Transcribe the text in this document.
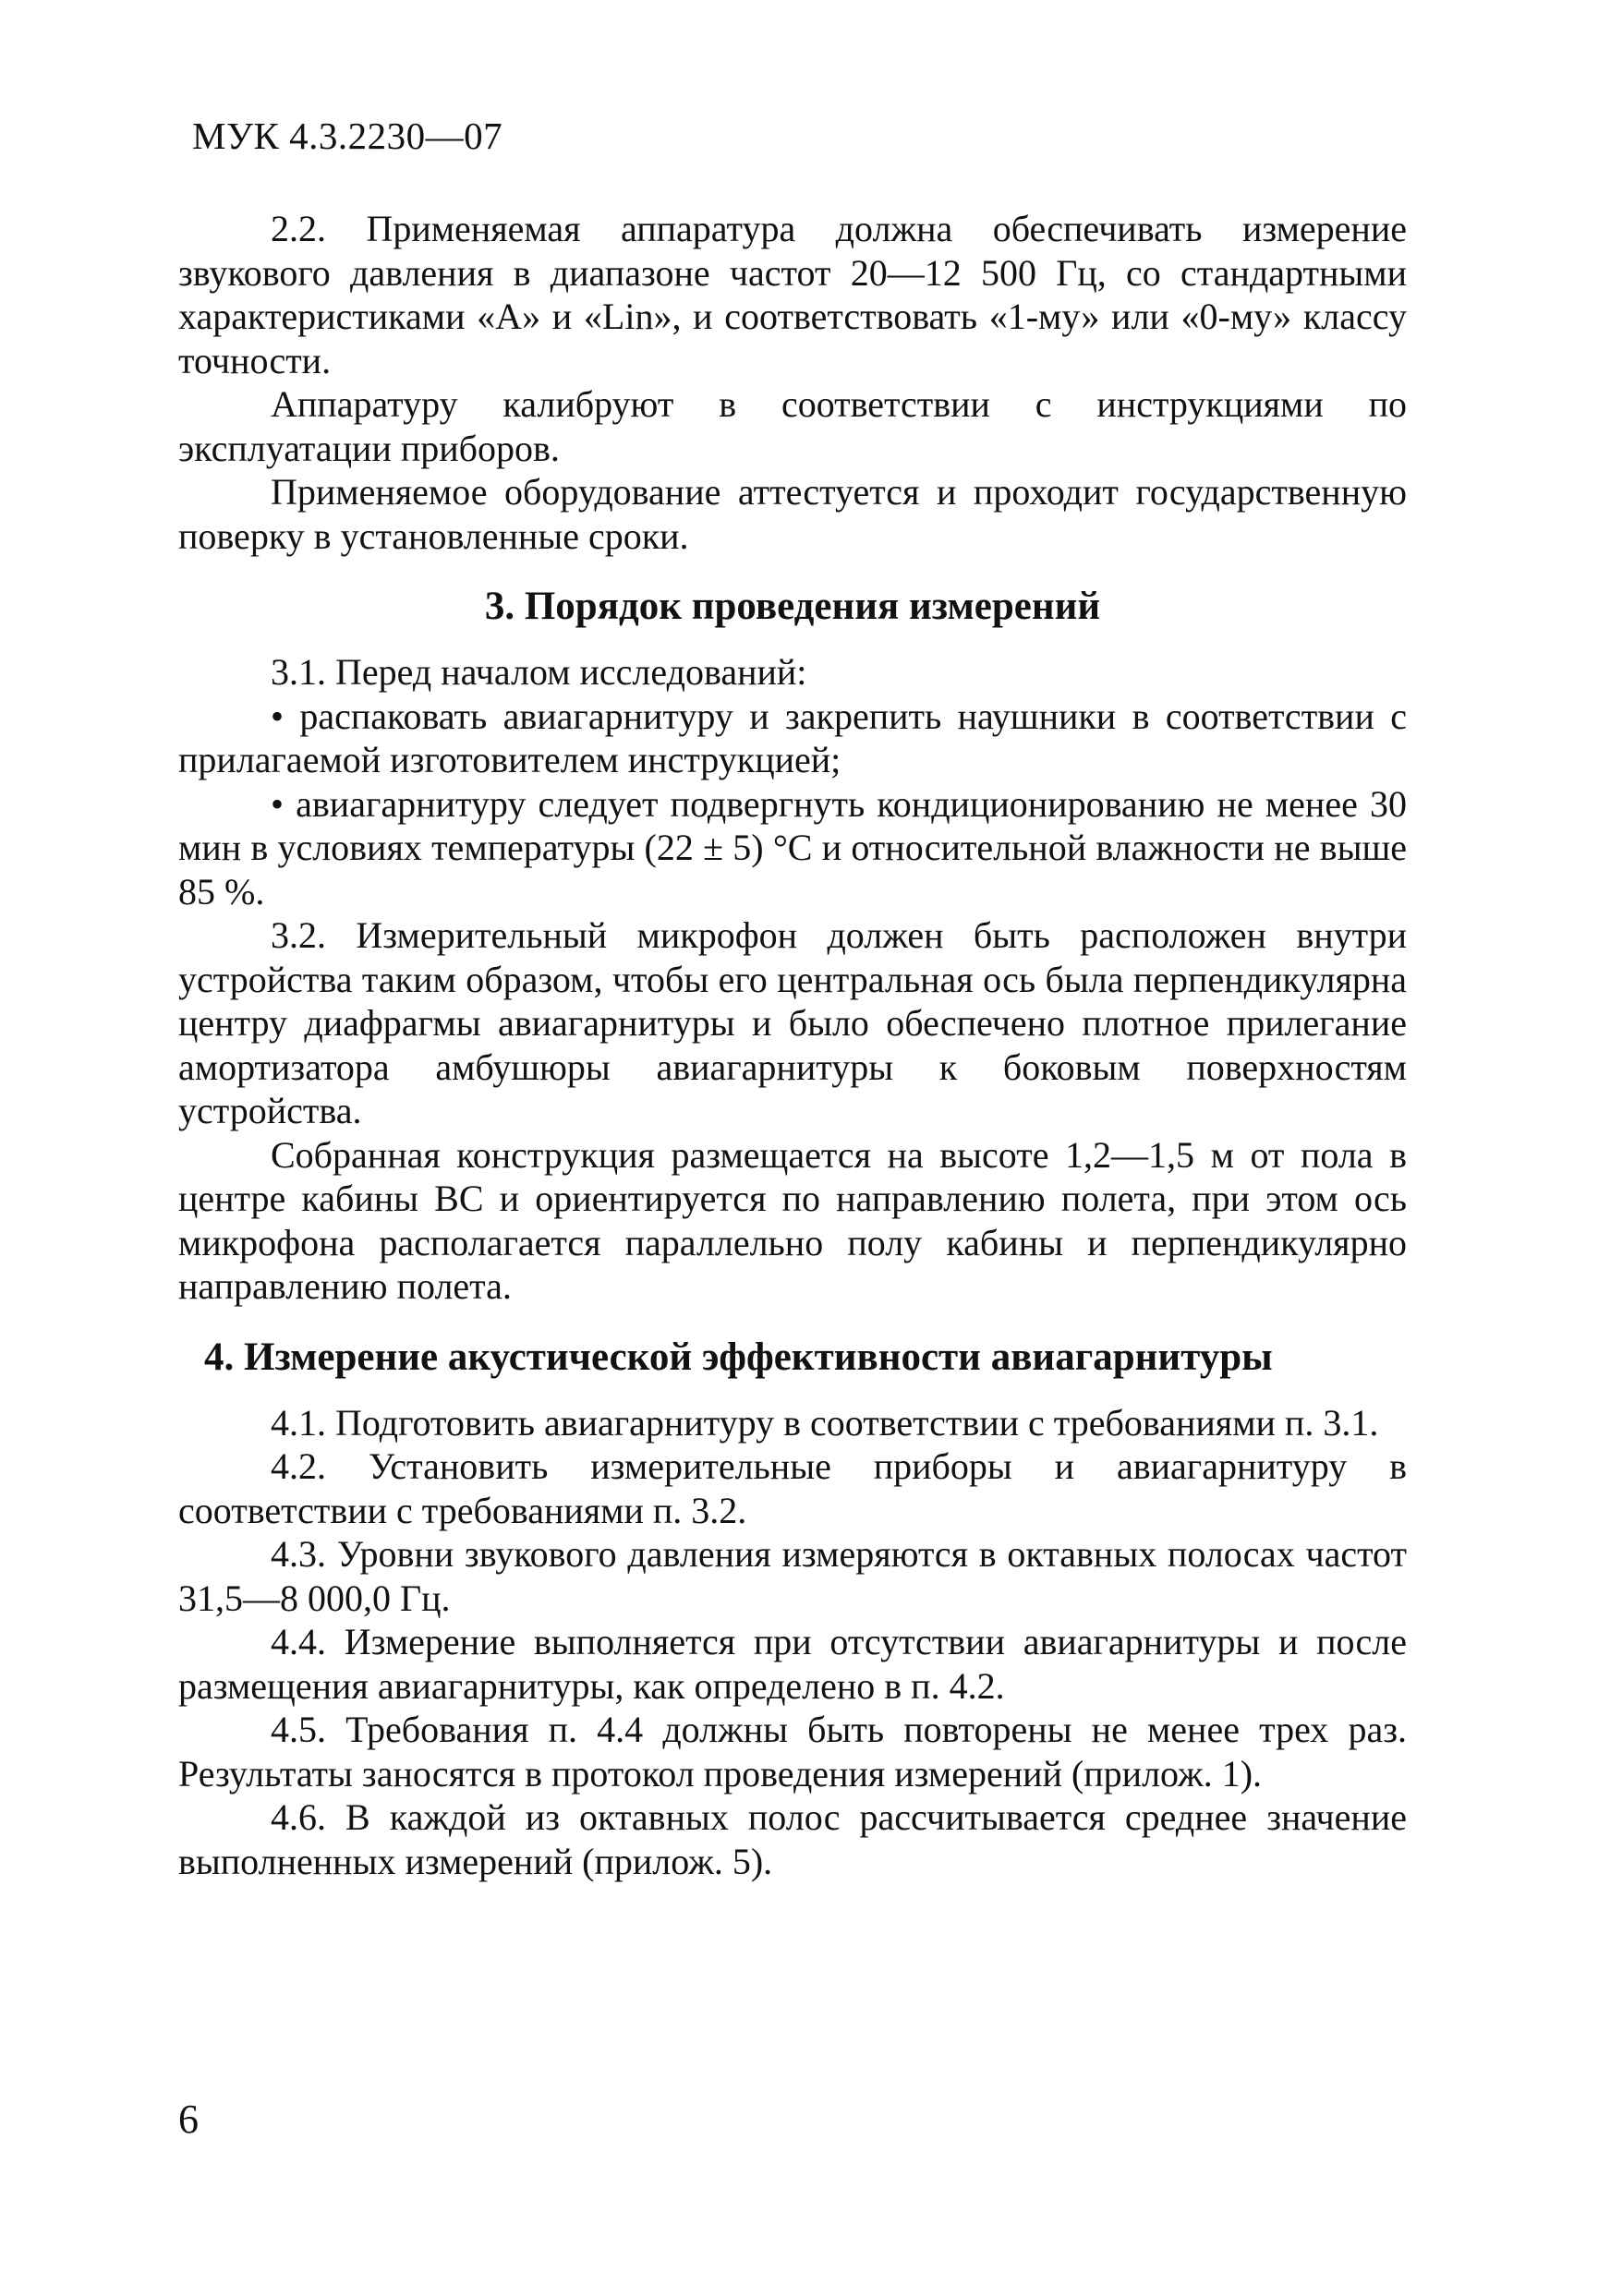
МУК 4.3.2230—07

2.2. Применяемая аппаратура должна обеспечивать измерение звукового давления в диапазоне частот 20—12 500 Гц, со стандартными характеристиками «А» и «Lin», и соответствовать «1-му» или «0-му» классу точности.

Аппаратуру калибруют в соответствии с инструкциями по эксплуатации приборов.

Применяемое оборудование аттестуется и проходит государственную поверку в установленные сроки.

3. Порядок проведения измерений

3.1. Перед началом исследований:

• распаковать авиагарнитуру и закрепить наушники в соответствии с прилагаемой изготовителем инструкцией;

• авиагарнитуру следует подвергнуть кондиционированию не менее 30 мин в условиях температуры (22 ± 5) °С и относительной влажности не выше 85 %.

3.2. Измерительный микрофон должен быть расположен внутри устройства таким образом, чтобы его центральная ось была перпендикулярна центру диафрагмы авиагарнитуры и было обеспечено плотное прилегание амортизатора амбушюры авиагарнитуры к боковым поверхностям устройства.

Собранная конструкция размещается на высоте 1,2—1,5 м от пола в центре кабины ВС и ориентируется по направлению полета, при этом ось микрофона располагается параллельно полу кабины и перпендикулярно направлению полета.

4. Измерение акустической эффективности авиагарнитуры

4.1. Подготовить авиагарнитуру в соответствии с требованиями п. 3.1.

4.2. Установить измерительные приборы и авиагарнитуру в соответствии с требованиями п. 3.2.

4.3. Уровни звукового давления измеряются в октавных полосах частот 31,5—8 000,0 Гц.

4.4. Измерение выполняется при отсутствии авиагарнитуры и после размещения авиагарнитуры, как определено в п. 4.2.

4.5. Требования п. 4.4 должны быть повторены не менее трех раз. Результаты заносятся в протокол проведения измерений (прилож. 1).

4.6. В каждой из октавных полос рассчитывается среднее значение выполненных измерений (прилож. 5).

6
